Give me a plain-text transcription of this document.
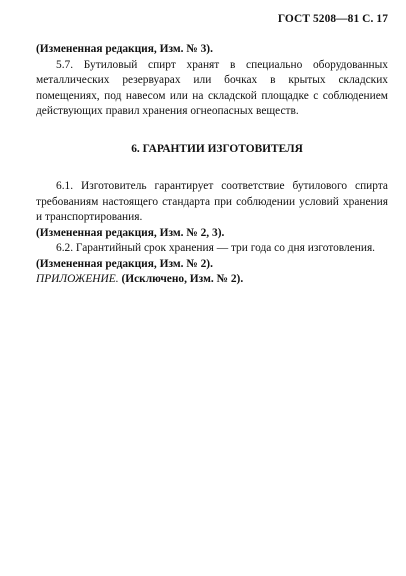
ГОСТ 5208—81 С. 17

(Измененная редакция, Изм. № 3).

5.7. Бутиловый спирт хранят в специально оборудованных металлических резервуарах или бочках в крытых складских помещениях, под навесом или на складской площадке с соблюдением действующих правил хранения огнеопасных веществ.

6. ГАРАНТИИ ИЗГОТОВИТЕЛЯ

6.1. Изготовитель гарантирует соответствие бутилового спирта требованиям настоящего стандарта при соблюдении условий хранения и транспортирования.

(Измененная редакция, Изм. № 2, 3).

6.2. Гарантийный срок хранения — три года со дня изготовления.

(Измененная редакция, Изм. № 2).

ПРИЛОЖЕНИЕ. (Исключено, Изм. № 2).
